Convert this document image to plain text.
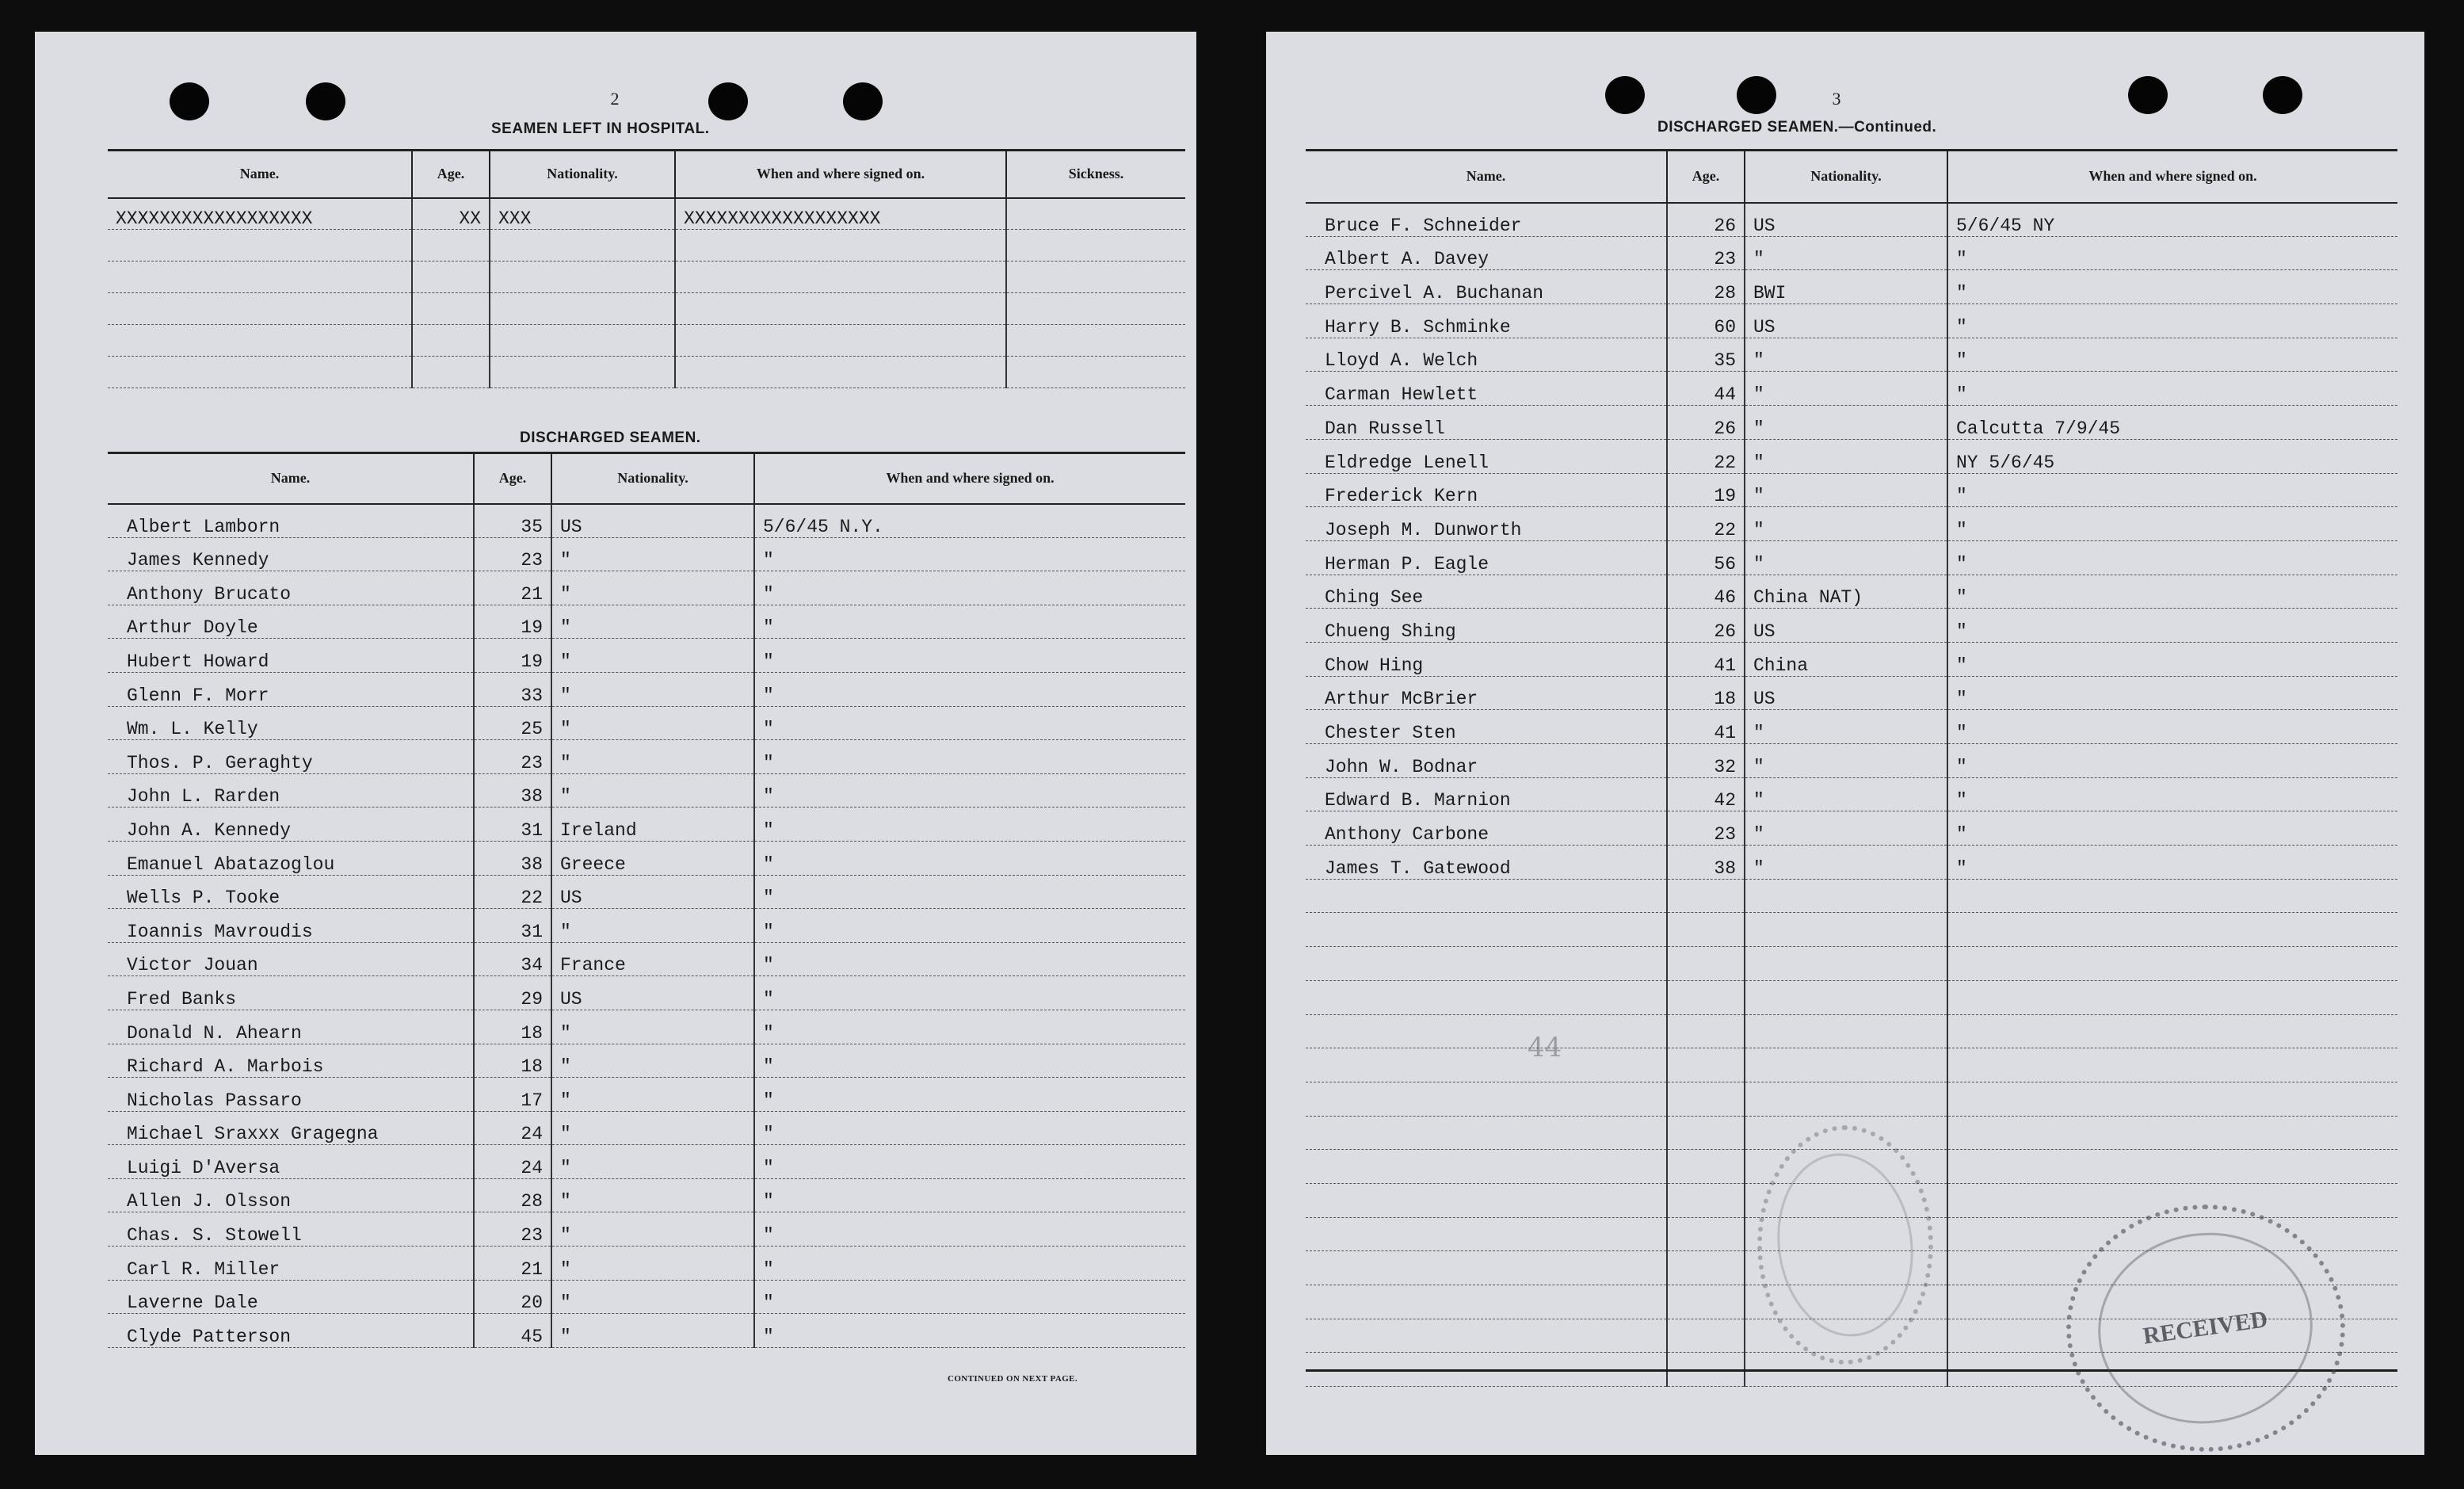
2
SEAMEN LEFT IN HOSPITAL.
Name.	Age.	Nationality.	When and where signed on.	Sickness.
XXXXXXXXXXXXXXXXXX	XX	XXX	XXXXXXXXXXXXXXXXXX	

DISCHARGED SEAMEN.
Name.	Age.	Nationality.	When and where signed on.
Albert Lamborn	35	US	5/6/45 N.Y.
James Kennedy	23	"	"
Anthony Brucato	21	"	"
Arthur Doyle	19	"	"
Hubert Howard	19	"	"
Glenn F. Morr	33	"	"
Wm. L. Kelly	25	"	"
Thos. P. Geraghty	23	"	"
John L. Rarden	38	"	"
John A. Kennedy	31	Ireland	"
Emanuel Abatazoglou	38	Greece	"
Wells P. Tooke	22	US	"
Ioannis Mavroudis	31	"	"
Victor Jouan	34	France	"
Fred Banks	29	US	"
Donald N. Ahearn	18	"	"
Richard A. Marbois	18	"	"
Nicholas Passaro	17	"	"
Michael Sraxxx Gragegna	24	"	"
Luigi D'Aversa	24	"	"
Allen J. Olsson	28	"	"
Chas. S. Stowell	23	"	"
Carl R. Miller	21	"	"
Laverne Dale	20	"	"
Clyde Patterson	45	"	"
CONTINUED ON NEXT PAGE.
3
DISCHARGED SEAMEN.—Continued.
Name.	Age.	Nationality.	When and where signed on.
Bruce F. Schneider	26	US	5/6/45 NY
Albert A. Davey	23	"	"
Percivel A. Buchanan	28	BWI	"
Harry B. Schminke	60	US	"
Lloyd A. Welch	35	"	"
Carman Hewlett	44	"	"
Dan Russell	26	"	Calcutta 7/9/45
Eldredge Lenell	22	"	NY 5/6/45
Frederick Kern	19	"	"
Joseph M. Dunworth	22	"	"
Herman P. Eagle	56	"	"
Ching See	46	China NAT)	"
Chueng Shing	26	US	"
Chow Hing	41	China	"
Arthur McBrier	18	US	"
Chester Sten	41	"	"
John W. Bodnar	32	"	"
Edward B. Marnion	42	"	"
Anthony Carbone	23	"	"
James T. Gatewood	38	"	"

44
RECEIVED
